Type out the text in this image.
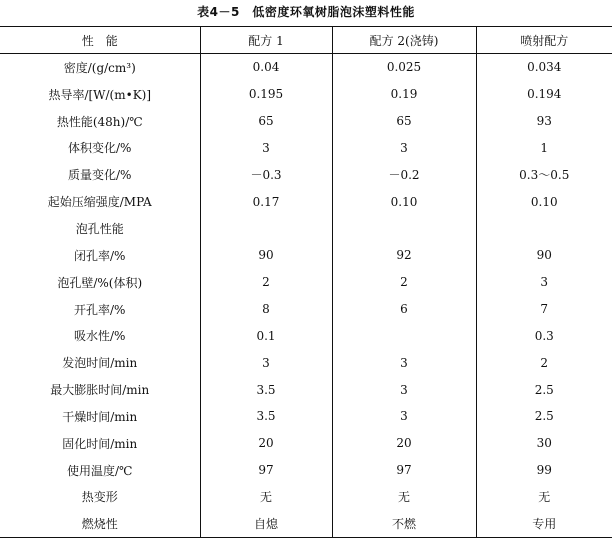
表4－5　低密度环氧树脂泡沫塑料性能
性　能	配方 1	配方 2(浇铸)	喷射配方
密度/(g/cm³)	0.04	0.025	0.034
热导率/[W/(m•K)]	0.195	0.19	0.194
热性能(48h)/℃	65	65	93
体积变化/%	3	3	1
质量变化/%	－0.3	－0.2	0.3～0.5
起始压缩强度/MPA	0.17	0.10	0.10
泡孔性能			
闭孔率/%	90	92	90
泡孔壁/%(体积)	2	2	3
开孔率/%	8	6	7
吸水性/%	0.1		0.3
发泡时间/min	3	3	2
最大膨胀时间/min	3.5	3	2.5
干燥时间/min	3.5	3	2.5
固化时间/min	20	20	30
使用温度/℃	97	97	99
热变形	无	无	无
燃烧性	自熄	不燃	专用
